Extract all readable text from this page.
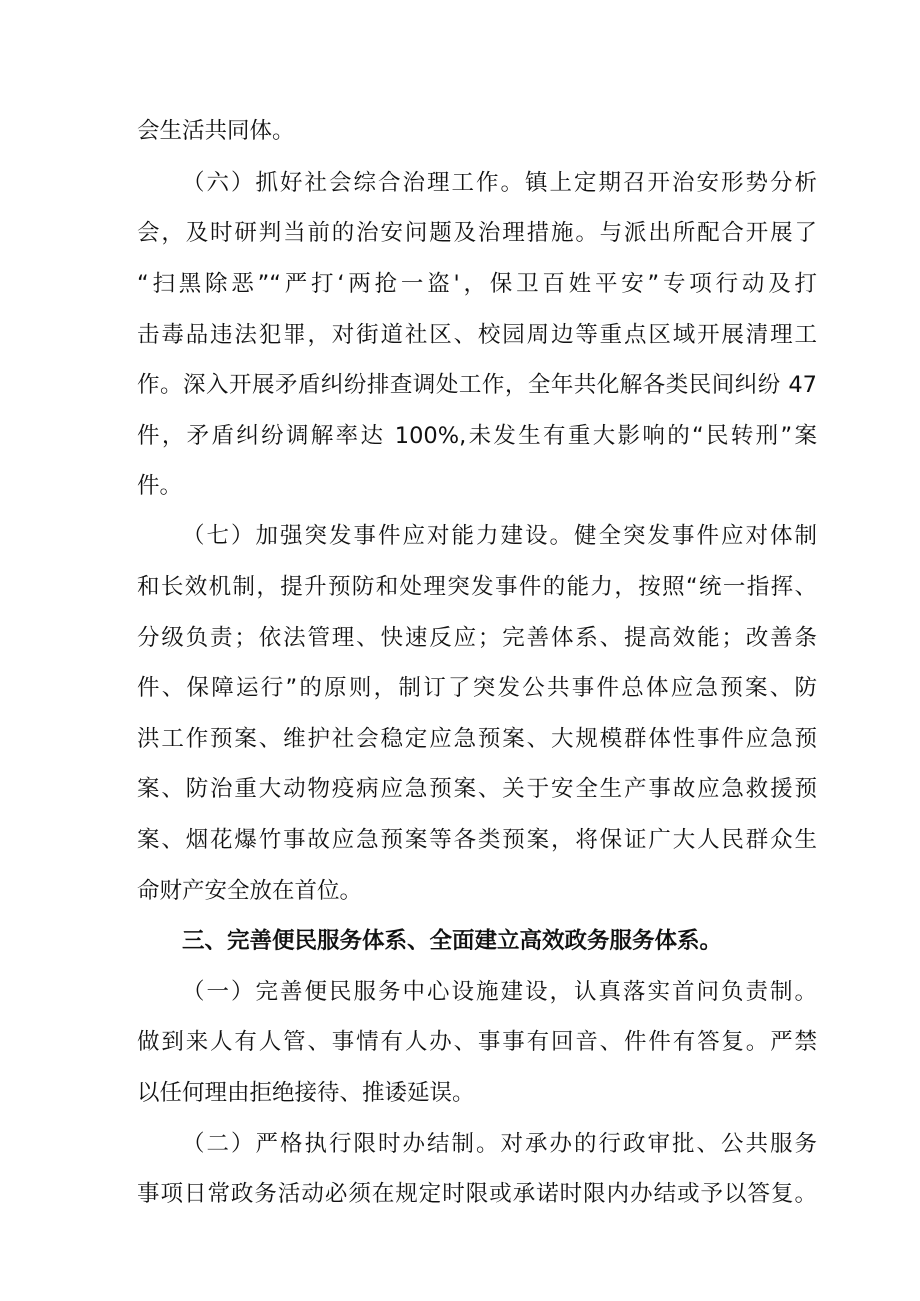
会生活共同体。
（六）抓好社会综合治理工作。镇上定期召开治安形势分析
会，及时研判当前的治安问题及治理措施。与派出所配合开展了
“扫黑除恶”“严打‘两抢一盗'，保卫百姓平安”专项行动及打
击毒品违法犯罪，对街道社区、校园周边等重点区域开展清理工
作。深入开展矛盾纠纷排查调处工作，全年共化解各类民间纠纷 47
件，矛盾纠纷调解率达 100%,未发生有重大影响的“民转刑”案
件。
（七）加强突发事件应对能力建设。健全突发事件应对体制
和长效机制，提升预防和处理突发事件的能力，按照“统一指挥、
分级负责；依法管理、快速反应；完善体系、提高效能；改善条
件、保障运行”的原则，制订了突发公共事件总体应急预案、防
洪工作预案、维护社会稳定应急预案、大规模群体性事件应急预
案、防治重大动物疫病应急预案、关于安全生产事故应急救援预
案、烟花爆竹事故应急预案等各类预案，将保证广大人民群众生
命财产安全放在首位。
三、完善便民服务体系、全面建立高效政务服务体系。
（一）完善便民服务中心设施建设，认真落实首问负责制。
做到来人有人管、事情有人办、事事有回音、件件有答复。严禁
以任何理由拒绝接待、推诿延误。
（二）严格执行限时办结制。对承办的行政审批、公共服务
事项日常政务活动必须在规定时限或承诺时限内办结或予以答复。
